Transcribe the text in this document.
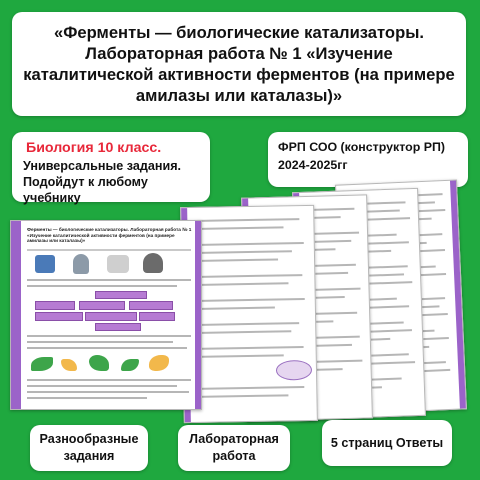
«Ферменты — биологические катализаторы. Лабораторная работа № 1 «Изучение каталитической активности ферментов (на примере амилазы или каталазы)»
Биология 10 класс.
Универсальные задания. Подойдут к любому учебнику
ФРП СОО (конструктор РП)
2024-2025гг
Ферменты — биологические катализаторы. Лабораторная работа № 1 «Изучение каталитической активности ферментов (на примере амилазы или каталазы)»
Разнообразные задания
Лабораторная работа
5 страниц Ответы
